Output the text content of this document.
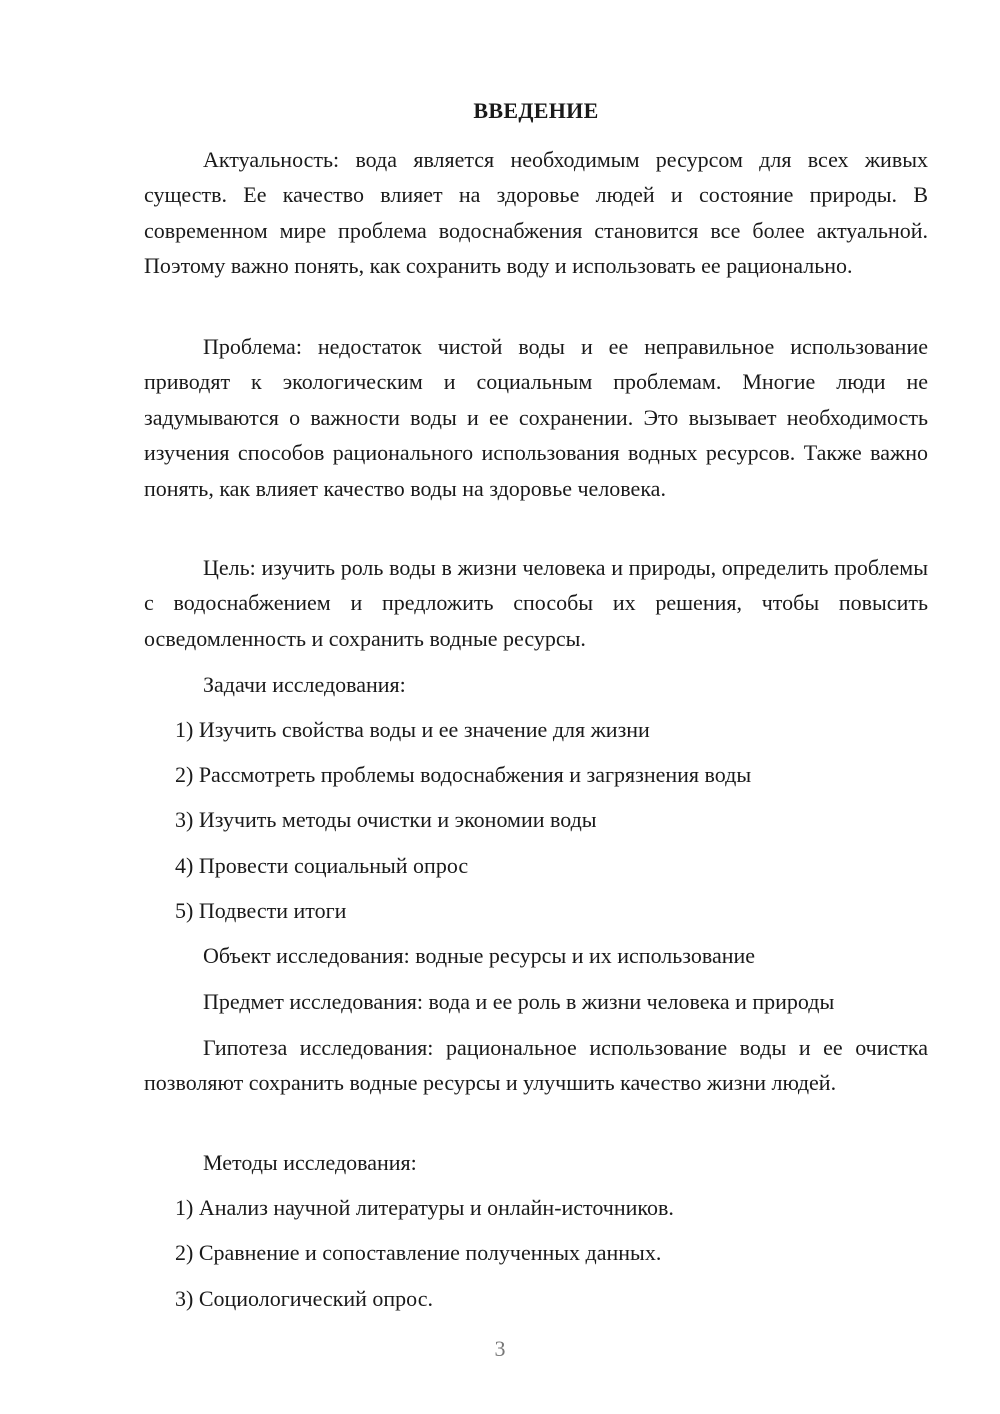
ВВЕДЕНИЕ

Актуальность: вода является необходимым ресурсом для всех живых существ. Ее качество влияет на здоровье людей и состояние природы. В современном мире проблема водоснабжения становится все более актуальной. Поэтому важно понять, как сохранить воду и использовать ее рационально.

Проблема: недостаток чистой воды и ее неправильное использование приводят к экологическим и социальным проблемам. Многие люди не задумываются о важности воды и ее сохранении. Это вызывает необходимость изучения способов рационального использования водных ресурсов. Также важно понять, как влияет качество воды на здоровье человека.

Цель: изучить роль воды в жизни человека и природы, определить проблемы с водоснабжением и предложить способы их решения, чтобы повысить осведомленность и сохранить водные ресурсы.

Задачи исследования:

1) Изучить свойства воды и ее значение для жизни

2) Рассмотреть проблемы водоснабжения и загрязнения воды

3) Изучить методы очистки и экономии воды

4) Провести социальный опрос

5) Подвести итоги

Объект исследования: водные ресурсы и их использование

Предмет исследования: вода и ее роль в жизни человека и природы

Гипотеза исследования: рациональное использование воды и ее очистка позволяют сохранить водные ресурсы и улучшить качество жизни людей.

Методы исследования:

1) Анализ научной литературы и онлайн-источников.

2) Сравнение и сопоставление полученных данных.

3) Социологический опрос.

3
